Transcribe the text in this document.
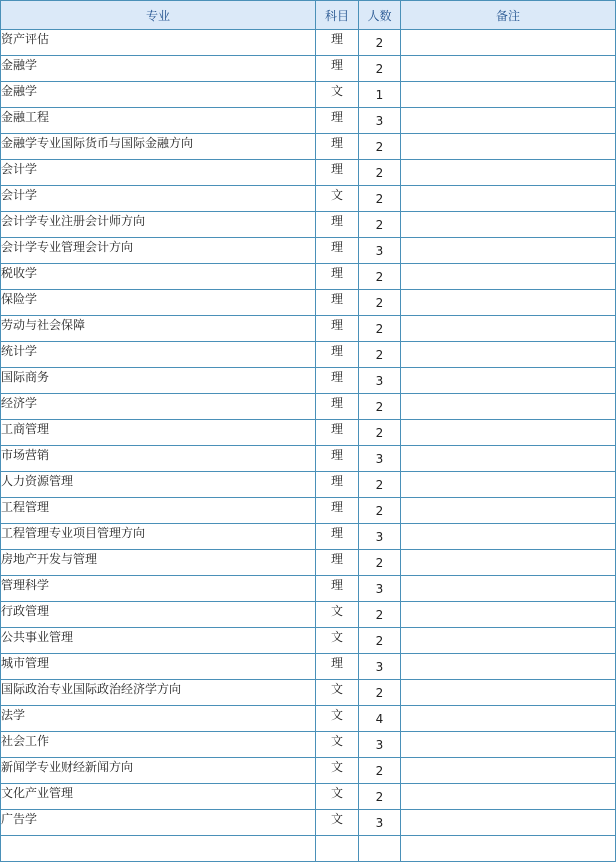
专业	科目	人数	备注
资产评估	理	2	
金融学	理	2	
金融学	文	1	
金融工程	理	3	
金融学专业国际货币与国际金融方向	理	2	
会计学	理	2	
会计学	文	2	
会计学专业注册会计师方向	理	2	
会计学专业管理会计方向	理	3	
税收学	理	2	
保险学	理	2	
劳动与社会保障	理	2	
统计学	理	2	
国际商务	理	3	
经济学	理	2	
工商管理	理	2	
市场营销	理	3	
人力资源管理	理	2	
工程管理	理	2	
工程管理专业项目管理方向	理	3	
房地产开发与管理	理	2	
管理科学	理	3	
行政管理	文	2	
公共事业管理	文	2	
城市管理	理	3	
国际政治专业国际政治经济学方向	文	2	
法学	文	4	
社会工作	文	3	
新闻学专业财经新闻方向	文	2	
文化产业管理	文	2	
广告学	文	3	
